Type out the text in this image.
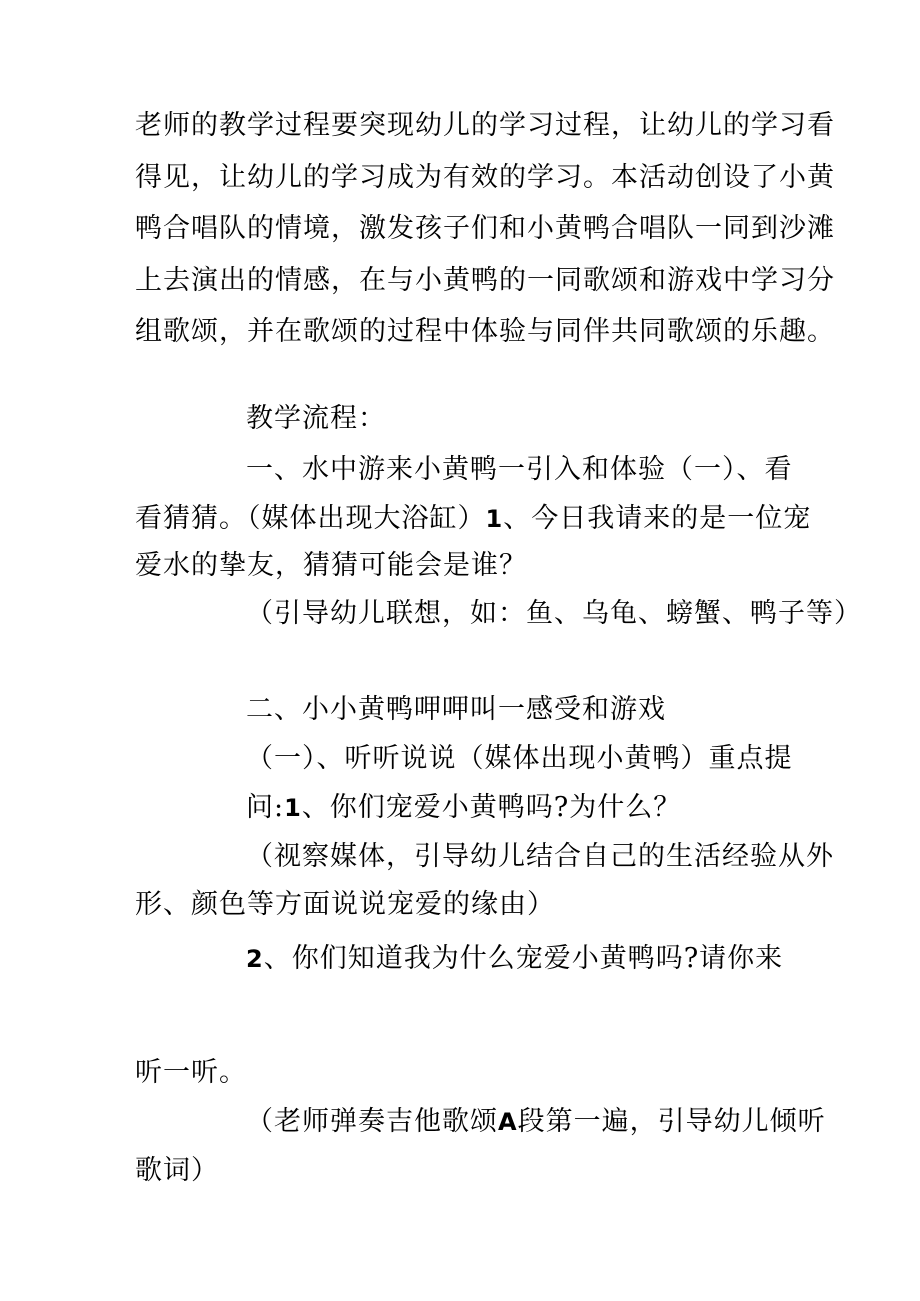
老师的教学过程要突现幼儿的学习过程，让幼儿的学习看
得见，让幼儿的学习成为有效的学习。本活动创设了小黄
鸭合唱队的情境，激发孩子们和小黄鸭合唱队一同到沙滩
上去演出的情感，在与小黄鸭的一同歌颂和游戏中学习分
组歌颂，并在歌颂的过程中体验与同伴共同歌颂的乐趣。
教学流程：
一、水中游来小黄鸭一引入和体验（一）、看
看猜猜。（媒体出现大浴缸）1、今日我请来的是一位宠
爱水的挚友，猜猜可能会是谁？
（引导幼儿联想，如：鱼、乌龟、螃蟹、鸭子等）
二、小小黄鸭呷呷叫一感受和游戏
（一）、听听说说（媒体出现小黄鸭）重点提
问:1、你们宠爱小黄鸭吗?为什么？
（视察媒体，引导幼儿结合自己的生活经验从外
形、颜色等方面说说宠爱的缘由）
2、你们知道我为什么宠爱小黄鸭吗?请你来
听一听。
（老师弹奏吉他歌颂A段第一遍，引导幼儿倾听
歌词）
